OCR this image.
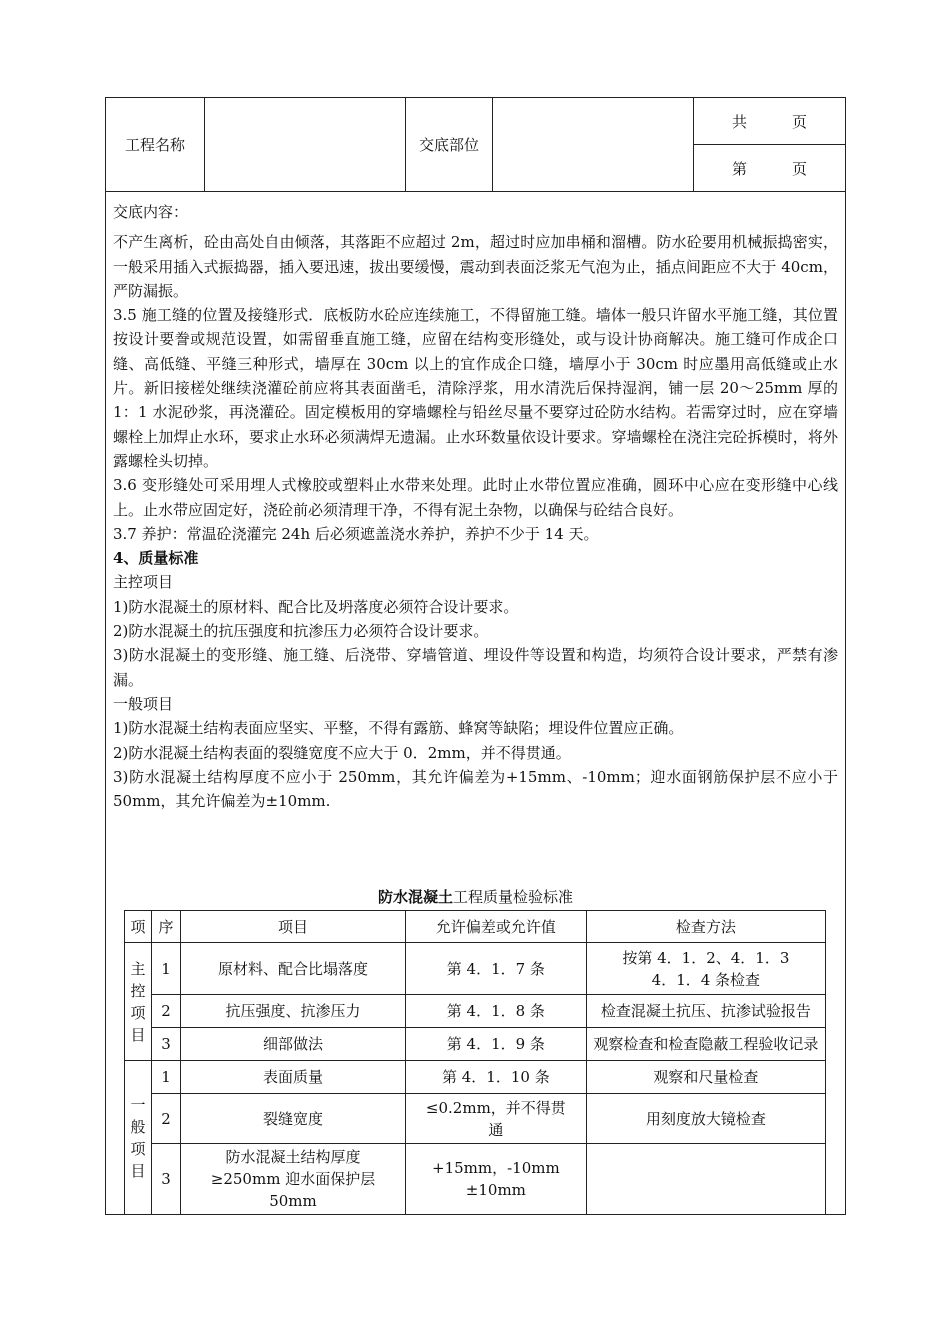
工程名称		交底部位		共　　　页
第　　　页

交底内容：

不产生离析，砼由高处自由倾落，其落距不应超过 2m，超过时应加串桶和溜槽。防水砼要用机械振捣密实，一般采用插入式振捣器，插入要迅速，拔出要缓慢，震动到表面泛浆无气泡为止，插点间距应不大于 40cm，严防漏振。

3.5 施工缝的位置及接缝形式．底板防水砼应连续施工，不得留施工缝。墙体一般只许留水平施工缝，其位置按设计要誊或规范设置，如需留垂直施工缝，应留在结构变形缝处，或与设计协商解决。施工缝可作成企口缝、高低缝、平缝三种形式，墙厚在 30cm 以上的宜作成企口缝，墙厚小于 30cm 时应墨用高低缝或止水片。新旧接槎处继续浇灌砼前应将其表面凿毛，清除浮浆，用水清洗后保持湿润，铺一层 20～25mm 厚的 1：1 水泥砂浆，再浇灌砼。固定模板用的穿墙螺栓与铅丝尽量不要穿过砼防水结构。若需穿过时，应在穿墙螺栓上加焊止水环，要求止水环必须满焊无遗漏。止水环数量依设计要求。穿墙螺栓在浇注完砼拆模时，将外露螺栓头切掉。

3.6 变形缝处可采用埋人式橡胶或塑料止水带来处理。此时止水带位置应准确，圆环中心应在变形缝中心线上。止水带应固定好，浇砼前必须清理干净，不得有泥土杂物，以确保与砼结合良好。

3.7 养护：常温砼浇灌完 24h 后必须遮盖浇水养护，养护不少于 14 天。

4、质量标准

主控项目

1)防水混凝土的原材料、配合比及坍落度必须符合设计要求。

2)防水混凝土的抗压强度和抗渗压力必须符合设计要求。

3)防水混凝土的变形缝、施工缝、后浇带、穿墙管道、埋设件等设置和构造，均须符合设计要求，严禁有渗漏。

一般项目

1)防水混凝土结构表面应坚实、平整，不得有露筋、蜂窝等缺陷；埋设件位置应正确。

2)防水混凝土结构表面的裂缝宽度不应大于 0．2mm，并不得贯通。

3)防水混凝土结构厚度不应小于 250mm，其允许偏差为+15mm、-10mm；迎水面钢筋保护层不应小于 50mm，其允许偏差为±10mm.

防水混凝土工程质量检验标准
项	序	项目	允许偏差或允许值	检查方法
主控项目	1	原材料、配合比塌落度	第 4．1．7 条	按第 4．1．2、4．1．3 4．1．4 条检查
	2	抗压强度、抗渗压力	第 4．1．8 条	检查混凝土抗压、抗渗试验报告
	3	细部做法	第 4．1．9 条	观察检查和检查隐蔽工程验收记录
一般项目	1	表面质量	第 4．1．10 条	观察和尺量检查
	2	裂缝宽度	≤0.2mm，并不得贯通	用刻度放大镜检查
	3	防水混凝土结构厚度≥250mm 迎水面保护层 50mm	+15mm，-10mm ±10mm	
